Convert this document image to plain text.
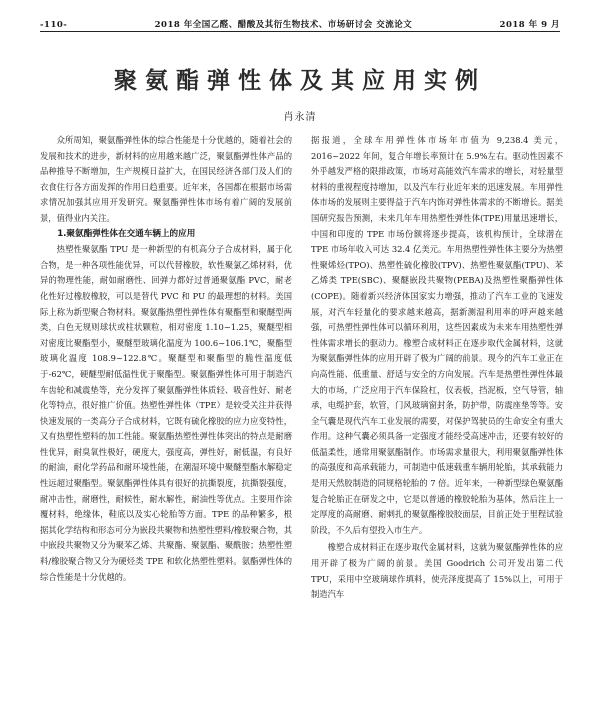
-110-	2018 年全国乙醛、醋酸及其衍生物技术、市场研讨会 交流论文	2018 年 9 月
聚氨酯弹性体及其应用实例
肖永清

众所周知，聚氨酯弹性体的综合性能是十分优越的，随着社会的发展和技术的进步，新材料的应用越来越广泛，聚氨酯弹性体产品的品种推导不断增加，生产规模日益扩大，在国民经济各部门及人们的衣食住行各方面发挥的作用日趋重要。近年来，各国都在根据市场需求情况加强其应用开发研究。聚氨酯弹性体市场有着广阔的发展前景，值得业内关注。

1.聚氨酯弹性体在交通车辆上的应用

热塑性聚氨酯 TPU 是一种新型的有机高分子合成材料，属于化合物，是一种各项性能优异，可以代替橡胶，软性聚氯乙烯材料，优异的物理性能，耐如耐磨性、回弹力都好过普通聚氨酯 PVC，耐老化性好过橡胶橡胶，可以是替代 PVC 和 PU 的最理想的材料。美国际上称为新型聚合物材料。聚氨酯热塑性弹性体有聚酯型和聚醚型两类，白色无规则球状或柱状颗粒，相对密度 1.10~1.25，聚醚型相对密度比聚酯型小，聚醚型玻璃化温度为 100.6~106.1℃，聚酯型玻璃化温度 108.9~122.8℃。聚醚型和聚酯型的脆性温度低于-62℃，硬醚型耐低温性优于聚酯型。聚氨酯弹性体可用于制造汽车齿轮和减震垫等，充分发挥了聚氨酯弹性体质轻、吸音性好、耐老化等特点，很好推广价值。热塑性弹性体（TPE）是较受关注并获得快速发展的一类高分子合成材料，它既有硫化橡胶的应力应变特性，又有热塑性塑料的加工性能。聚氨酯热塑性弹性体突出的特点是耐磨性优异，耐臭氧性极好，硬度大，强度高，弹性好，耐低温，有良好的耐油，耐化学药品和耐环境性能，在潮湿环境中聚醚型酯水解稳定性远超过聚酯型。聚氨酯弹性体具有很好的抗撕裂度，抗撕裂强度，耐冲击性，耐磨性，耐候性，耐水解性，耐油性等优点。主要用作涂覆材料，绝缘体，鞋底以及实心轮胎等方面。TPE 的品种繁多，根据其化学结构和形态可分为嵌段共聚物和热塑性塑料/橡胶聚合物，其中嵌段共聚物又分为聚苯乙烯、共聚酯、聚氨酯、聚酰胺；热塑性塑料/橡胶聚合物又分为硬烃类 TPE 和软化热塑性塑料。氨酯弹性体的综合性能是十分优越的。

据报道，全球车用弹性体市场年市值为 9,238.4 美元，2016~2022 年间，复合年增长率预计在 5.9%左右。驱动性因素不外乎越发严格的限排政策，市场对高能效汽车需求的增长，对轻量型材料的重视程度持增加，以及汽车行业近年来的迅速发展。车用弹性体市场的发展则主要得益于汽车内饰对弹性体需求的不断增长。据美国研究报告预测，未来几年车用热塑性弹性体(TPE)用量迅速增长，中国和印度的 TPE 市场份额将逐步提高，该机构预计，全球潜在 TPE 市场年收入可达 32.4 亿美元。车用热塑性弹性体主要分为热塑性聚烯烃(TPO)、热塑性硫化橡胶(TPV)、热塑性聚氨酯(TPU)、苯乙烯类 TPE(SBC)、聚醚嵌段共聚物(PEBA)及热塑性聚酯弹性体(COPE)。随着新兴经济体国家实力增强，推动了汽车工业的飞速发展，对汽车轻量化的要求越来越高，据新测湿利用率的呼声越来越强，可热塑性弹性体可以循环利用，这些因素成为未来车用热塑性弹性体需求增长的驱动力。橡塑合成材料正在逐步取代金属材料，这就为聚氨酯弹性体的应用开辟了极为广阔的前景。现今的汽车工业正在向高性能、低重量、舒适与安全的方向发展。汽车是热塑性弹性体最大的市场，广泛应用于汽车保险杠，仪表板，挡泥板，空气导管，轴承，电缆护套，软管，门风玻璃窗封条，防护带，防震座垫等等。安全气囊是现代汽车工业发展的需要，对保护驾驶员的生命安全有重大作用。这种气囊必须具备一定强度才能经受高速冲击，还要有较好的低温柔性，通常用聚氨酯制作。市场需求量很大，利用聚氨酯弹性体的高强度和高承载能力，可制造中低速载重车辆用轮胎，其承载能力是用天然胶制造的同规格轮胎的 7 倍。近年来，一种新型绿色聚氨酯复合轮胎正在研发之中，它是以普通的橡胶轮胎为基体，然后注上一定厚度的高耐磨、耐刺扎的聚氨酯橡胶胶面层，目前正处于里程试验阶段，不久后有望投入市生产。

橡塑合成材料正在逐步取代金属材料，这就为聚氨酯弹性体的应用开辟了极为广阔的前景。美国 Goodrich 公司开发出第二代 TPU，采用中空玻璃球作填料，使壳泽度提高了 15%以上，可用于制造汽车
